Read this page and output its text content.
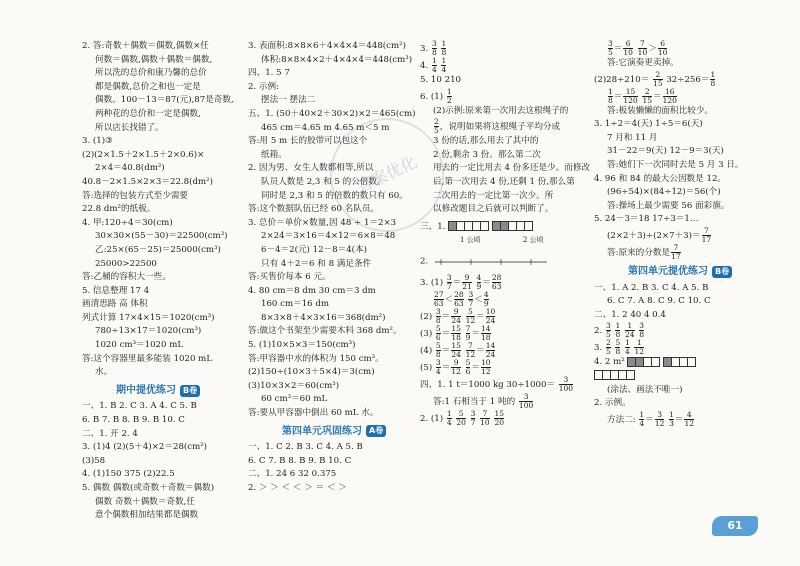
答案优化
2. 答:奇数＋偶数＝偶数,偶数×任
何数＝偶数,偶数＋偶数＝偶数,
所以洗的总价和康乃馨的总价
都是偶数,总价之和也一定是
偶数。100－13＝87(元),87是奇数,
两种花的总价和一定是偶数,
所以店长找错了。
3. (1)③
(2)(2×1.5＋2×1.5＋2×0.6)×
2×4＝40.8(dm²)
40.8－2×1.5×2×3＝22.8(dm²)
答:选择的包装方式至少需要
22.8 dm²的纸板。
4. 甲:120÷4＝30(cm)
30×30×(55－30)＝22500(cm³)
乙:25×(65－25)＝25000(cm³)
25000>22500
答:乙桶的容积大一些。
5. 信息整理 17 4
画清思路 高 体积
列式计算 17×4×15＝1020(cm³)
780÷13×17＝1020(cm³)
1020 cm³＝1020 mL
答:这个容器里最多能装 1020 mL
水。
期中提优练习 B卷
一、1. B 2. C 3. A 4. C 5. B
6. B 7. B 8. B 9. B 10. C
二、1. 开 2. 4
3. (1)4 (2)(5＋4)×2＝28(cm²)
(3)58
4. (1)150 375 (2)22.5
5. 偶数 偶数(或奇数＋奇数＝偶数)
偶数 奇数＋偶数＝奇数,任
意个偶数相加结果都是偶数
3. 表面积:8×8×6＋4×4×4＝448(cm²)
体积:8×8×4×2＋4×4×4＝448(cm³)
四、1. 5 7
2. 示例:
摆法一 摆法二
五、1. (50＋40×2＋30×2)×2＝465(cm)
465 cm＝4.65 m 4.65 m＜5 m
答:用 5 m 长的胶带可以包这个
纸箱。
2. 因为男、女生人数都相等,所以
队员人数是 2,3 和 5 的公倍数。
同时是 2,3 和 5 的倍数的数只有 60。
答:这个数据队伍已经 60 名队员。
3. 总价＝单价×数量,因 48 ÷ 1＝2×3
2×24＝3×16＝4×12＝6×8＝48
6－4＝2(元) 12－8＝4(本)
只有 4＋2＝6 和 8 满足条件
答:买售价每本 6 元。
4. 80 cm＝8 dm 30 cm＝3 dm
160 cm＝16 dm
8×3×8＋4×3×16＝368(dm²)
答:做这个书架至少需要木料 368 dm²。
5. (1)10×5×3＝150(cm³)
答:甲容器中水的体积为 150 cm³。
(2)150÷(10×3＋5×4)＝3(cm)
(3)10×3×2＝60(cm³)
60 cm³＝60 mL
答:要从甲容器中倒出 60 mL 水。
第四单元巩固练习 A卷
一、1. C 2. B 3. C 4. A 5. B
6. C 7. B 8. B 9. B 10. C
二、1. 24 6 32 0.375
2. ＞ ＞ ＜ ＜ ＞ ＝ ＜ ＞
3. $\frac{3}{8}$
$\frac{1}{8}$
4. $\frac{1}{4}$
$\frac{1}{4}$
5. 10 210
6. $(1) \frac{1}{2}$
(2)示例:原来第一次用去这根绳子的
$\frac{2}{5}$ ，说明如果将这根绳子平均分成
3 份的话,那么用去了其中的
2 份,剩余 3 份。那么第二次
用去的一定比用去 4 份多还是少。而修改
后,第一次用去 4 份,还剩 1 份,那么第
二次用去的一定比第一次少。所
以修改题目之后就可以判断了。
三、1.

1 公顷	2 公顷
2.
3. $(1) \frac{3}{7} = \frac{9}{21}$
$\frac{4}{9} = \frac{28}{63}$
$\frac{27}{63} < \frac{28}{63}$
$\frac{3}{7} < \frac{4}{9}$
$(2) \frac{3}{8} = \frac{9}{24}$
$\frac{5}{12} = \frac{10}{24}$
$(3) \frac{5}{6} = \frac{15}{18}$
$\frac{7}{9} = \frac{14}{18}$
$(4) \frac{5}{8} = \frac{15}{24}$
$\frac{7}{12} = \frac{14}{24}$
$(5) \frac{3}{4} = \frac{9}{12}$
$\frac{5}{6} = \frac{10}{12}$
四、1. 1 t＝1000 kg $30\div 1000= \frac{3}{100}$
答:1 石相当于 1 吨的 $\frac{3}{100}$
2. $(1) \frac{1}{4}$
$\frac{5}{20}$
$\frac{3}{7}$
$\frac{7}{10}$
$\frac{15}{20}$
$\frac{3}{5} = \frac{6}{10}$
$\frac{7}{10} > \frac{6}{10}$
答:它演奏更卖掉。
$(2)28\div 210= \frac{2}{15} 32\div 256= \frac{1}{8}$
$\frac{1}{8} = \frac{15}{120}$
$\frac{2}{15} = \frac{16}{120}$
答:板装懒懒的面积比较少。
3. 1÷2＝4(天) 1÷5＝6(天)
7 月和 11 月
31－22＝9(天) 12－9＝3(天)
答:她们下一次同时去是 5 月 3 日。
4. 96 和 84 的最大公因数是 12。
(96÷54)×(84÷12)＝56(个)
答:操场上最少需要 56 面彩旗。
5. 24－3＝18 17÷3＝1…
$(2\times 2+3)\div(2\times 7+3)= \frac{7}{17}$
答:原来的分数是 $\frac{7}{17}$
第四单元提优练习 B卷
一、1. A 2. B 3. C 4. A 5. B
6. C 7. A 8. C 9. C 10. C
二、1. 2 40 4 0.4
2. $\frac{3}{5}$
$\frac{1}{8}$
$\frac{1}{24}$
$\frac{3}{8}$
3. $\frac{2}{5}$
$\frac{5}{8}$
$\frac{1}{4}$
$\frac{1}{12}$
4. 2 m²

(涂法、画法不唯一)
2. 示例。
方法二: $\frac{1}{4} = \frac{3}{12}$
$\frac{1}{3} = \frac{4}{12}$
61
